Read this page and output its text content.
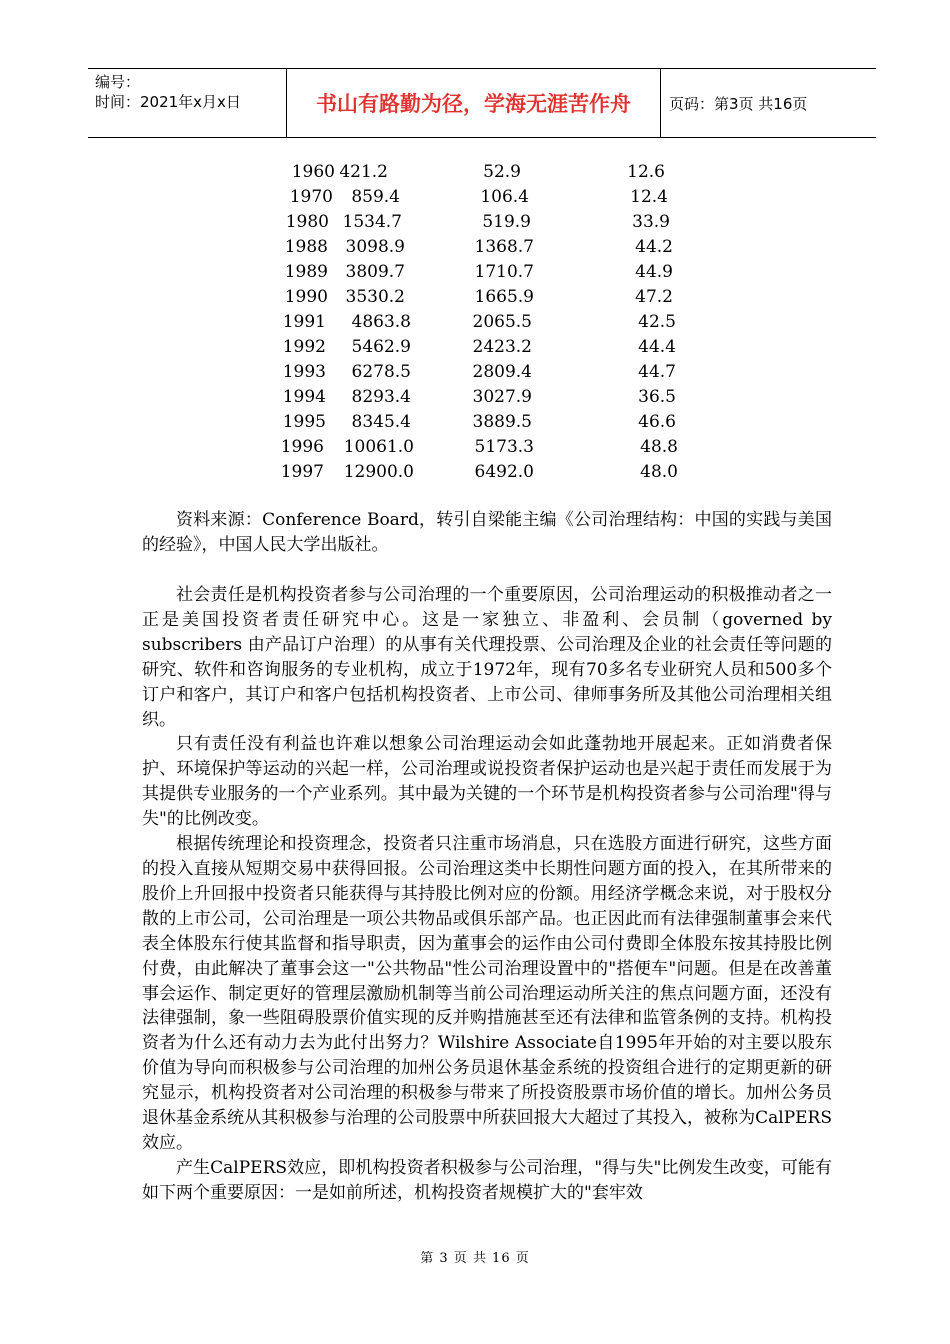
编号：
时间：2021年x月x日	书山有路勤为径，学海无涯苦作舟	页码：第3页 共16页
1960 421.2	52.9	12.6
1970 859.4	106.4	12.4
1980 1534.7	519.9	33.9
1988 3098.9	1368.7	44.2
1989 3809.7	1710.7	44.9
1990 3530.2	1665.9	47.2
1991 4863.8	2065.5	42.5
1992 5462.9	2423.2	44.4
1993 6278.5	2809.4	44.7
1994 8293.4	3027.9	36.5
1995 8345.4	3889.5	46.6
1996 10061.0	5173.3	48.8
1997 12900.0	6492.0	48.0

资料来源：Conference Board，转引自梁能主编《公司治理结构：中国的实践与美国的经验》，中国人民大学出版社。

社会责任是机构投资者参与公司治理的一个重要原因，公司治理运动的积极推动者之一正是美国投资者责任研究中心。这是一家独立、非盈利、会员制（governed by subscribers 由产品订户治理）的从事有关代理投票、公司治理及企业的社会责任等问题的研究、软件和咨询服务的专业机构，成立于1972年，现有70多名专业研究人员和500多个订户和客户，其订户和客户包括机构投资者、上市公司、律师事务所及其他公司治理相关组织。

只有责任没有利益也许难以想象公司治理运动会如此蓬勃地开展起来。正如消费者保护、环境保护等运动的兴起一样，公司治理或说投资者保护运动也是兴起于责任而发展于为其提供专业服务的一个产业系列。其中最为关键的一个环节是机构投资者参与公司治理"得与失"的比例改变。

根据传统理论和投资理念，投资者只注重市场消息，只在选股方面进行研究，这些方面的投入直接从短期交易中获得回报。公司治理这类中长期性问题方面的投入，在其所带来的股价上升回报中投资者只能获得与其持股比例对应的份额。用经济学概念来说，对于股权分散的上市公司，公司治理是一项公共物品或俱乐部产品。也正因此而有法律强制董事会来代表全体股东行使其监督和指导职责，因为董事会的运作由公司付费即全体股东按其持股比例付费，由此解决了董事会这一"公共物品"性公司治理设置中的"搭便车"问题。但是在改善董事会运作、制定更好的管理层激励机制等当前公司治理运动所关注的焦点问题方面，还没有法律强制，象一些阻碍股票价值实现的反并购措施甚至还有法律和监管条例的支持。机构投资者为什么还有动力去为此付出努力？Wilshire Associate自1995年开始的对主要以股东价值为导向而积极参与公司治理的加州公务员退休基金系统的投资组合进行的定期更新的研究显示，机构投资者对公司治理的积极参与带来了所投资股票市场价值的增长。加州公务员退休基金系统从其积极参与治理的公司股票中所获回报大大超过了其投入，被称为CalPERS效应。

产生CalPERS效应，即机构投资者积极参与公司治理，"得与失"比例发生改变，可能有如下两个重要原因：一是如前所述，机构投资者规模扩大的"套牢效

第 3 页 共 16 页
